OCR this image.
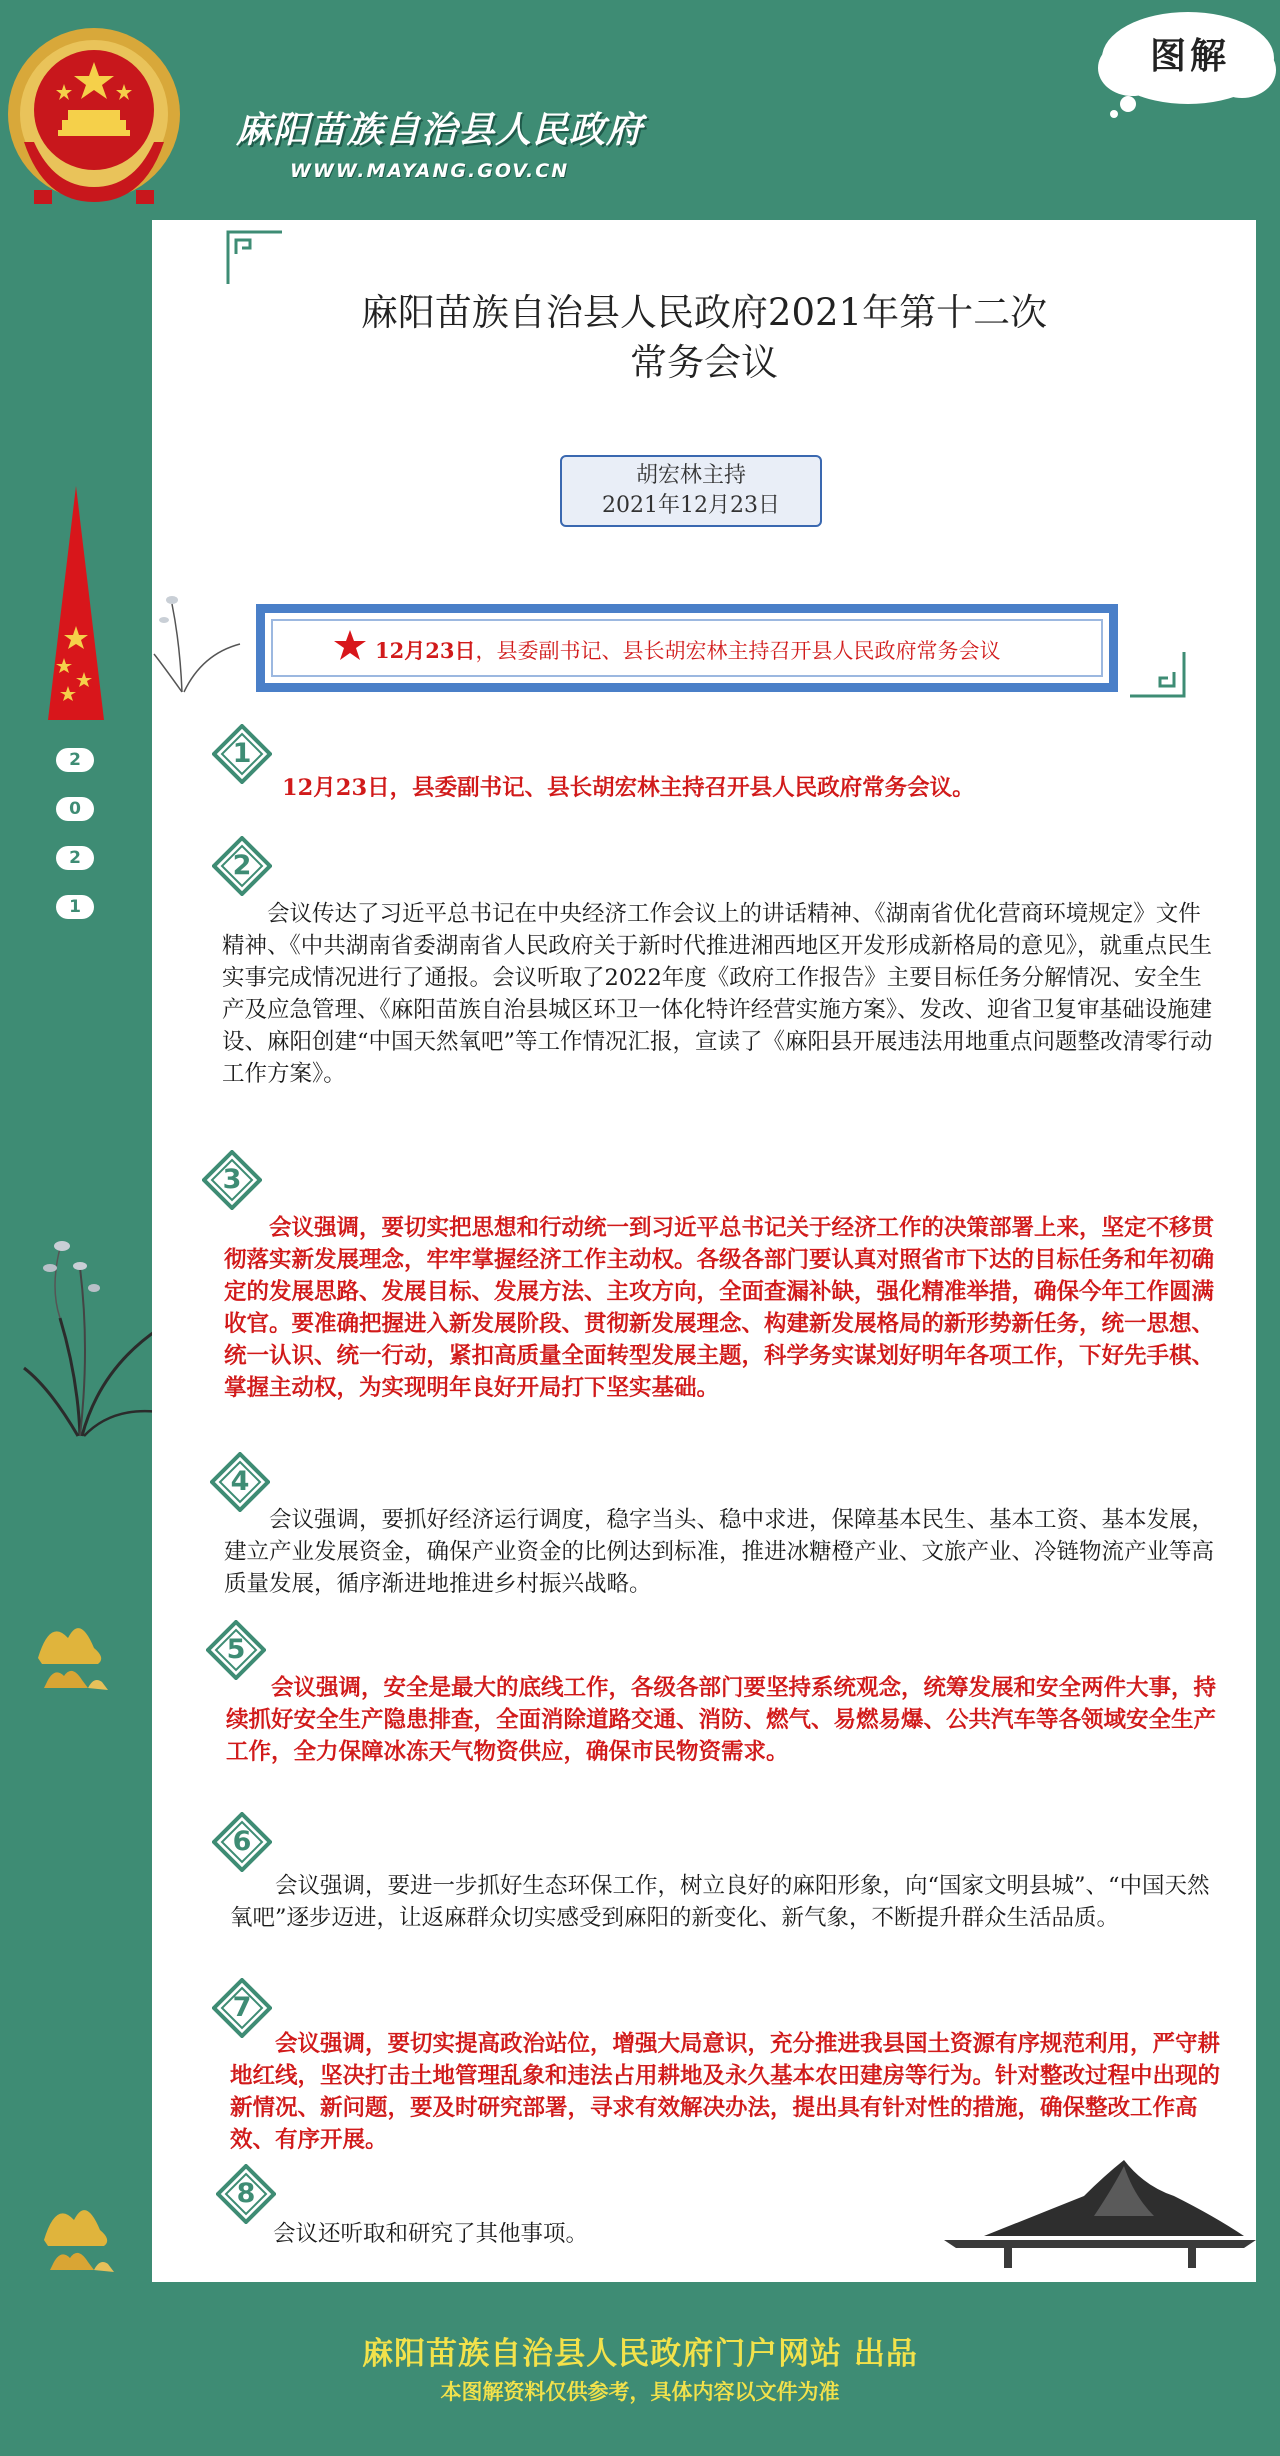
麻阳苗族自治县人民政府
WWW.MAYANG.GOV.CN
图解
2
0
2
1
麻阳苗族自治县人民政府2021年第十二次
常务会议
胡宏林主持
2021年12月23日
12月23日，县委副书记、县长胡宏林主持召开县人民政府常务会议
1
12月23日，县委副书记、县长胡宏林主持召开县人民政府常务会议。
2
　　会议传达了习近平总书记在中央经济工作会议上的讲话精神、《湖南省优化营商环境规定》文件精神、《中共湖南省委湖南省人民政府关于新时代推进湘西地区开发形成新格局的意见》，就重点民生实事完成情况进行了通报。会议听取了2022年度《政府工作报告》主要目标任务分解情况、安全生产及应急管理、《麻阳苗族自治县城区环卫一体化特许经营实施方案》、发改、迎省卫复审基础设施建设、麻阳创建“中国天然氧吧”等工作情况汇报，宣读了《麻阳县开展违法用地重点问题整改清零行动工作方案》。
3
　　会议强调，要切实把思想和行动统一到习近平总书记关于经济工作的决策部署上来，坚定不移贯彻落实新发展理念，牢牢掌握经济工作主动权。各级各部门要认真对照省市下达的目标任务和年初确定的发展思路、发展目标、发展方法、主攻方向，全面查漏补缺，强化精准举措，确保今年工作圆满收官。要准确把握进入新发展阶段、贯彻新发展理念、构建新发展格局的新形势新任务，统一思想、统一认识、统一行动，紧扣高质量全面转型发展主题，科学务实谋划好明年各项工作，下好先手棋、掌握主动权，为实现明年良好开局打下坚实基础。
4
　　会议强调，要抓好经济运行调度，稳字当头、稳中求进，保障基本民生、基本工资、基本发展，建立产业发展资金，确保产业资金的比例达到标准，推进冰糖橙产业、文旅产业、冷链物流产业等高质量发展，循序渐进地推进乡村振兴战略。
5
　　会议强调，安全是最大的底线工作，各级各部门要坚持系统观念，统筹发展和安全两件大事，持续抓好安全生产隐患排查，全面消除道路交通、消防、燃气、易燃易爆、公共汽车等各领域安全生产工作，全力保障冰冻天气物资供应，确保市民物资需求。
6
　　会议强调，要进一步抓好生态环保工作，树立良好的麻阳形象，向“国家文明县城”、“中国天然氧吧”逐步迈进，让返麻群众切实感受到麻阳的新变化、新气象，不断提升群众生活品质。
7
　　会议强调，要切实提高政治站位，增强大局意识，充分推进我县国土资源有序规范利用，严守耕地红线，坚决打击土地管理乱象和违法占用耕地及永久基本农田建房等行为。针对整改过程中出现的新情况、新问题，要及时研究部署，寻求有效解决办法，提出具有针对性的措施，确保整改工作高效、有序开展。
8
　　会议还听取和研究了其他事项。
麻阳苗族自治县人民政府门户网站 出品
本图解资料仅供参考，具体内容以文件为准
